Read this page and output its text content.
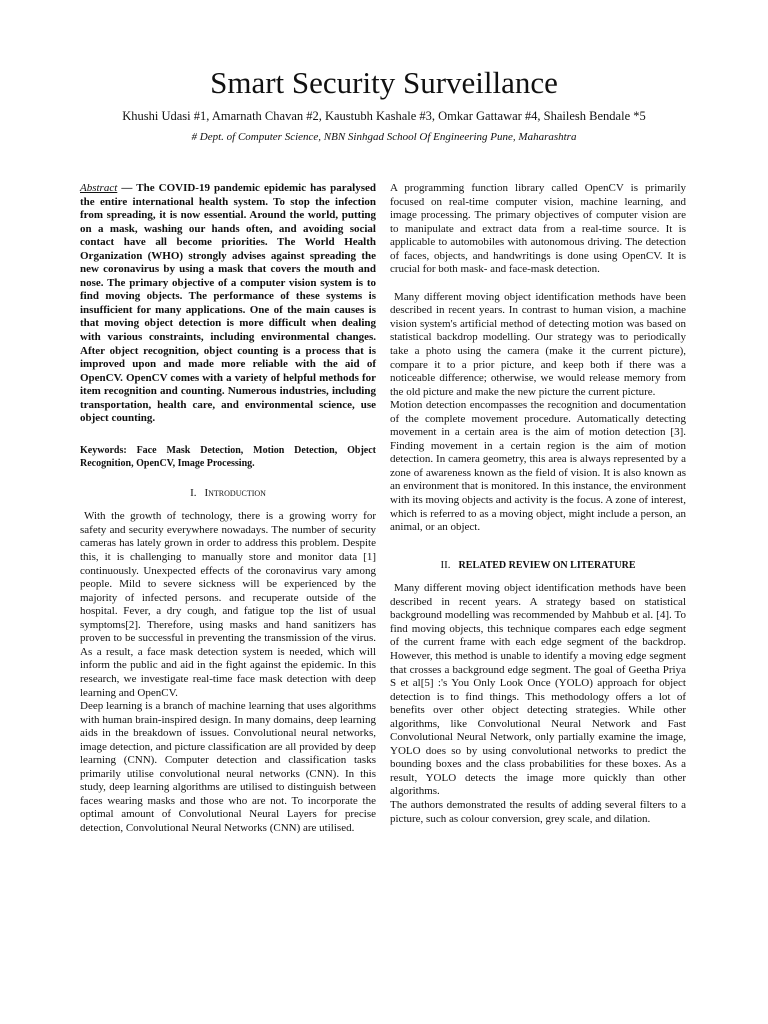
Smart Security Surveillance
Khushi Udasi #1, Amarnath Chavan #2, Kaustubh Kashale #3, Omkar Gattawar #4, Shailesh Bendale *5
# Dept. of Computer Science, NBN Sinhgad School Of Engineering Pune, Maharashtra

Abstract — The COVID-19 pandemic epidemic has paralysed the entire international health system. To stop the infection from spreading, it is now essential. Around the world, putting on a mask, washing our hands often, and avoiding social contact have all become priorities. The World Health Organization (WHO) strongly advises against spreading the new coronavirus by using a mask that covers the mouth and nose. The primary objective of a computer vision system is to find moving objects. The performance of these systems is insufficient for many applications. One of the main causes is that moving object detection is more difficult when dealing with various constraints, including environmental changes. After object recognition, object counting is a process that is improved upon and made more reliable with the aid of OpenCV. OpenCV comes with a variety of helpful methods for item recognition and counting. Numerous industries, including transportation, health care, and environmental science, use object counting.

Keywords: Face Mask Detection, Motion Detection, Object Recognition, OpenCV, Image Processing.

I. Introduction

With the growth of technology, there is a growing worry for safety and security everywhere nowadays. The number of security cameras has lately grown in order to address this problem. Despite this, it is challenging to manually store and monitor data [1] continuously. Unexpected effects of the coronavirus vary among people. Mild to severe sickness will be experienced by the majority of infected persons. and recuperate outside of the hospital. Fever, a dry cough, and fatigue top the list of usual symptoms[2]. Therefore, using masks and hand sanitizers has proven to be successful in preventing the transmission of the virus. As a result, a face mask detection system is needed, which will inform the public and aid in the fight against the epidemic. In this research, we investigate real-time face mask detection with deep learning and OpenCV.

Deep learning is a branch of machine learning that uses algorithms with human brain-inspired design. In many domains, deep learning aids in the breakdown of issues. Convolutional neural networks, image detection, and picture classification are all provided by deep learning (CNN). Computer detection and classification tasks primarily utilise convolutional neural networks (CNN). In this study, deep learning algorithms are utilised to distinguish between faces wearing masks and those who are not. To incorporate the optimal amount of Convolutional Neural Layers for precise detection, Convolutional Neural Networks (CNN) are utilised.

A programming function library called OpenCV is primarily focused on real-time computer vision, machine learning, and image processing. The primary objectives of computer vision are to manipulate and extract data from a real-time source. It is applicable to automobiles with autonomous driving. The detection of faces, objects, and handwritings is done using OpenCV. It is crucial for both mask- and face-mask detection.

Many different moving object identification methods have been described in recent years. In contrast to human vision, a machine vision system's artificial method of detecting motion was based on statistical backdrop modelling. Our strategy was to periodically take a photo using the camera (make it the current picture), compare it to a prior picture, and keep both if there was a noticeable difference; otherwise, we would release memory from the old picture and make the new picture the current picture.

Motion detection encompasses the recognition and documentation of the complete movement procedure. Automatically detecting movement in a certain area is the aim of motion detection [3]. Finding movement in a certain region is the aim of motion detection. In camera geometry, this area is always represented by a zone of awareness known as the field of vision. It is also known as an environment that is monitored. In this instance, the environment with its moving objects and activity is the focus. A zone of interest, which is referred to as a moving object, might include a person, an animal, or an object.

II. RELATED REVIEW ON LITERATURE

Many different moving object identification methods have been described in recent years. A strategy based on statistical background modelling was recommended by Mahbub et al. [4]. To find moving objects, this technique compares each edge segment of the current frame with each edge segment of the backdrop. However, this method is unable to identify a moving edge segment that crosses a background edge segment. The goal of Geetha Priya S et al[5] :'s You Only Look Once (YOLO) approach for object detection is to find things. This methodology offers a lot of benefits over other object detecting strategies. While other algorithms, like Convolutional Neural Network and Fast Convolutional Neural Network, only partially examine the image, YOLO does so by using convolutional networks to predict the bounding boxes and the class probabilities for these boxes. As a result, YOLO detects the image more quickly than other algorithms.

The authors demonstrated the results of adding several filters to a picture, such as colour conversion, grey scale, and dilation.
